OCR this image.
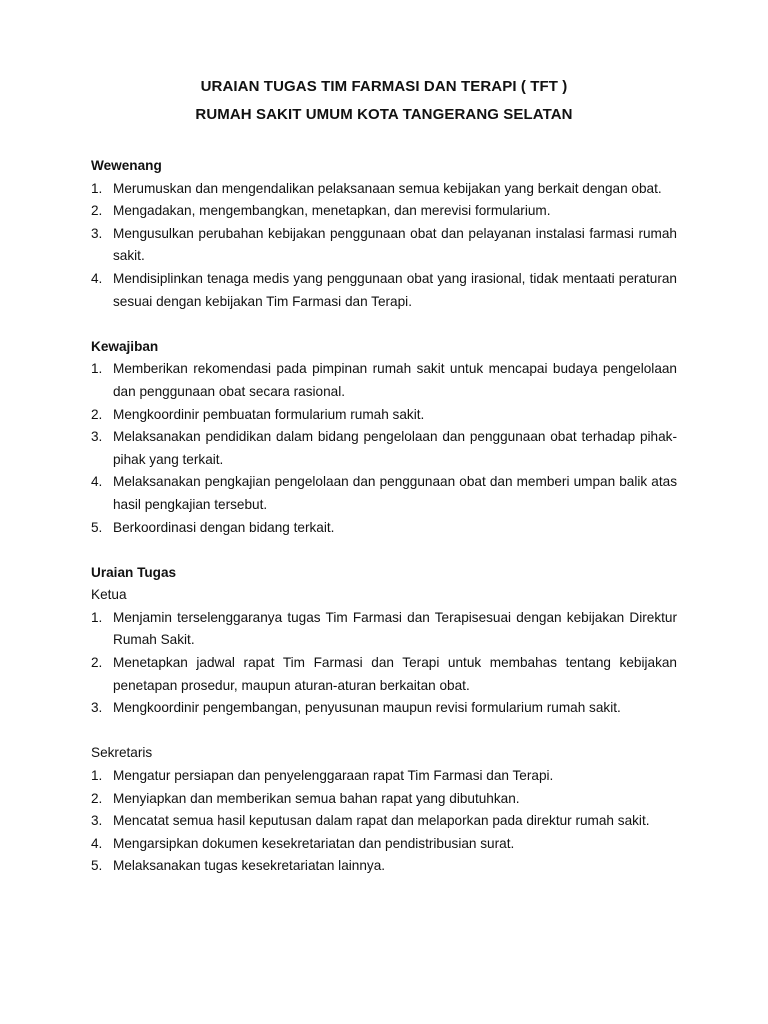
URAIAN TUGAS TIM FARMASI DAN TERAPI ( TFT )
RUMAH SAKIT UMUM KOTA TANGERANG SELATAN
Wewenang
1. Merumuskan dan mengendalikan pelaksanaan semua kebijakan yang berkait dengan obat.
2. Mengadakan, mengembangkan, menetapkan, dan merevisi formularium.
3. Mengusulkan perubahan kebijakan penggunaan obat dan pelayanan instalasi farmasi rumah sakit.
4. Mendisiplinkan tenaga medis yang penggunaan obat yang irasional, tidak mentaati peraturan sesuai dengan kebijakan Tim Farmasi dan Terapi.
Kewajiban
1. Memberikan rekomendasi pada pimpinan rumah sakit untuk mencapai budaya pengelolaan dan penggunaan obat secara rasional.
2. Mengkoordinir pembuatan formularium rumah sakit.
3. Melaksanakan pendidikan dalam bidang pengelolaan dan penggunaan obat terhadap pihak-pihak yang terkait.
4. Melaksanakan pengkajian pengelolaan dan penggunaan obat dan memberi umpan balik atas hasil pengkajian tersebut.
5. Berkoordinasi dengan bidang terkait.
Uraian Tugas
Ketua
1. Menjamin terselenggaranya tugas Tim Farmasi dan Terapisesuai dengan kebijakan Direktur Rumah Sakit.
2. Menetapkan jadwal rapat Tim Farmasi dan Terapi untuk membahas tentang kebijakan penetapan prosedur, maupun aturan-aturan berkaitan obat.
3. Mengkoordinir pengembangan, penyusunan maupun revisi formularium rumah sakit.
Sekretaris
1. Mengatur persiapan dan penyelenggaraan rapat Tim Farmasi dan Terapi.
2. Menyiapkan dan memberikan semua bahan rapat yang dibutuhkan.
3. Mencatat semua hasil keputusan dalam rapat dan melaporkan pada direktur rumah sakit.
4. Mengarsipkan dokumen kesekretariatan dan pendistribusian surat.
5. Melaksanakan tugas kesekretariatan lainnya.
